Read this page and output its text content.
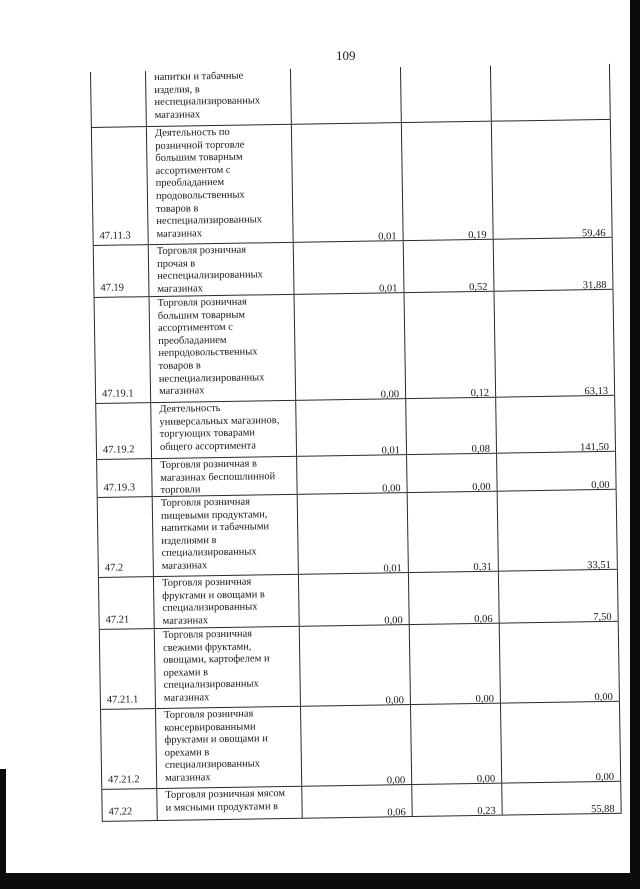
109
напитки и табачные
изделия, в
неспециализированных
магазинах
47.11.3
Деятельность по
розничной торговле
большим товарным
ассортиментом с
преобладанием
продовольственных
товаров в
неспециализированных
магазинах	0,01	0,19	59,46
47.19
Торговля розничная
прочая в
неспециализированных
магазинах	0,01	0,52	31,88
47.19.1
Торговля розничная
большим товарным
ассортиментом с
преобладанием
непродовольственных
товаров в
неспециализированных
магазинах	0,00	0,12	63,13
47.19.2
Деятельность
универсальных магазинов,
торгующих товарами
общего ассортимента	0,01	0,08	141,50
47.19.3
Торговля розничная в
магазинах беспошлинной
торговли	0,00	0,00	0,00
47.2
Торговля розничная
пищевыми продуктами,
напитками и табачными
изделиями в
специализированных
магазинах	0,01	0,31	33,51
47.21
Торговля розничная
фруктами и овощами в
специализированных
магазинах	0,00	0,06	7,50
47.21.1
Торговля розничная
свежими фруктами,
овощами, картофелем и
орехами в
специализированных
магазинах	0,00	0,00	0,00
47.21.2
Торговля розничная
консервированными
фруктами и овощами и
орехами в
специализированных
магазинах	0,00	0,00	0,00
47.22
Торговля розничная мясом
и мясными продуктами в	0,06	0,23	55,88
